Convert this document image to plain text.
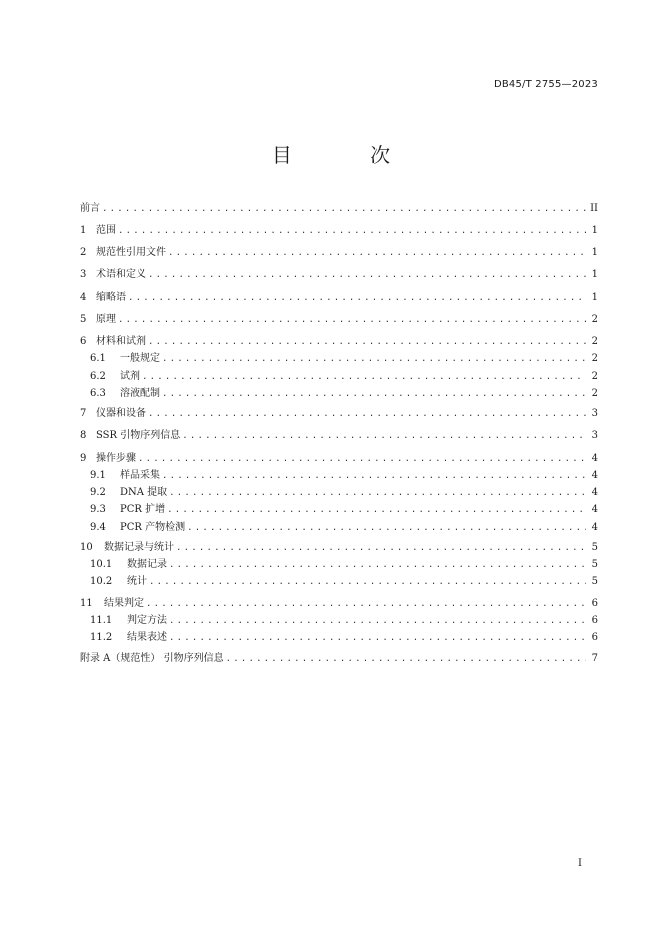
DB45/T 2755—2023
目 次
前言 .....	II
1 范围 .....	1
2 规范性引用文件 .....	1
3 术语和定义 .....	1
4 缩略语 .....	1
5 原理 .....	2
6 材料和试剂 .....	2
6.1	一般规定 .....	2
6.2	试剂 .....	2
6.3	溶液配制 .....	2
7 仪器和设备 .....	3
8 SSR 引物序列信息 .....	3
9 操作步骤 .....	4
9.1	样品采集 .....	4
9.2	DNA 提取 .....	4
9.3	PCR 扩增 .....	4
9.4	PCR 产物检测 .....	4
10	数据记录与统计 .....	5
10.1	数据记录 .....	5
10.2	统计 .....	5
11	结果判定 .....	6
11.1	判定方法 .....	6
11.2	结果表述 .....	6
附录 A（规范性） 引物序列信息 .....	7
I
